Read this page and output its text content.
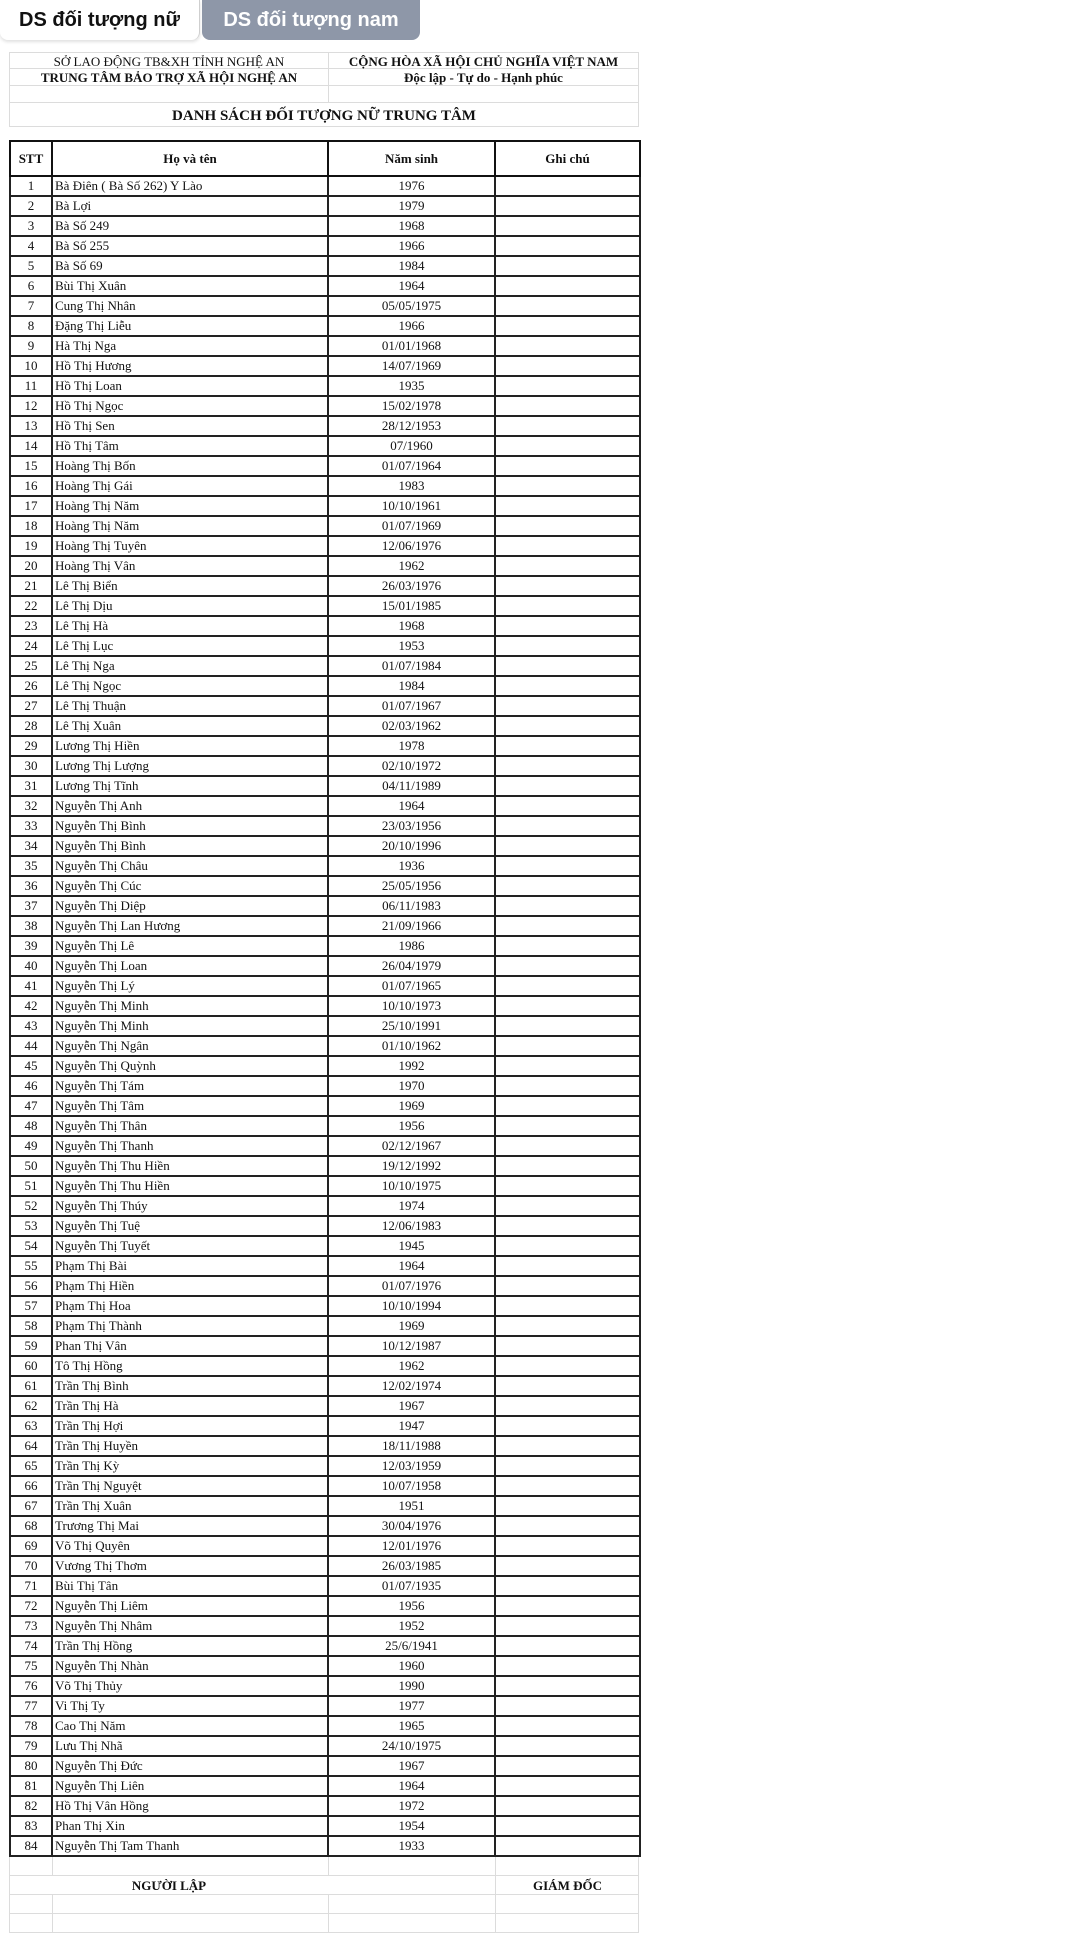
DS đối tượng nữ	DS đối tượng nam
SỞ LAO ĐỘNG TB&XH TỈNH NGHỆ AN	CỘNG HÒA XÃ HỘI CHỦ NGHĨA VIỆT NAM
TRUNG TÂM BẢO TRỢ XÃ HỘI NGHỆ AN	Độc lập - Tự do - Hạnh phúc
DANH SÁCH ĐỐI TƯỢNG NỮ TRUNG TÂM
STT	Họ và tên	Năm sinh	Ghi chú
1	Bà Điên ( Bà Số 262) Y Lào	1976	
2	Bà Lợi	1979	
3	Bà Số 249	1968	
4	Bà Số 255	1966	
5	Bà Số 69	1984	
6	Bùi Thị Xuân	1964	
7	Cung Thị Nhân	05/05/1975	
8	Đặng Thị Liễu	1966	
9	Hà Thị Nga	01/01/1968	
10	Hồ Thị Hương	14/07/1969	
11	Hồ Thị Loan	1935	
12	Hồ Thị Ngọc	15/02/1978	
13	Hồ Thị Sen	28/12/1953	
14	Hồ Thị Tâm	07/1960	
15	Hoàng Thị Bốn	01/07/1964	
16	Hoàng Thị Gái	1983	
17	Hoàng Thị Năm	10/10/1961	
18	Hoàng Thị Năm	01/07/1969	
19	Hoàng Thị Tuyên	12/06/1976	
20	Hoàng Thị Vân	1962	
21	Lê Thị Biển	26/03/1976	
22	Lê Thị Dịu	15/01/1985	
23	Lê Thị Hà	1968	
24	Lê Thị Lục	1953	
25	Lê Thị Nga	01/07/1984	
26	Lê Thị Ngọc	1984	
27	Lê Thị Thuận	01/07/1967	
28	Lê Thị Xuân	02/03/1962	
29	Lương Thị Hiền	1978	
30	Lương Thị Lượng	02/10/1972	
31	Lương Thị Tĩnh	04/11/1989	
32	Nguyễn Thị Anh	1964	
33	Nguyễn Thị Bình	23/03/1956	
34	Nguyễn Thị Bình	20/10/1996	
35	Nguyễn Thị Châu	1936	
36	Nguyễn Thị Cúc	25/05/1956	
37	Nguyễn Thị Diệp	06/11/1983	
38	Nguyễn Thị Lan Hương	21/09/1966	
39	Nguyễn Thị Lê	1986	
40	Nguyễn Thị Loan	26/04/1979	
41	Nguyễn Thị Lý	01/07/1965	
42	Nguyễn Thị Minh	10/10/1973	
43	Nguyễn Thị Minh	25/10/1991	
44	Nguyễn Thị Ngân	01/10/1962	
45	Nguyễn Thị Quỳnh	1992	
46	Nguyễn Thị Tám	1970	
47	Nguyễn Thị Tâm	1969	
48	Nguyễn Thị Thân	1956	
49	Nguyễn Thị Thanh	02/12/1967	
50	Nguyễn Thị Thu Hiền	19/12/1992	
51	Nguyễn Thị Thu Hiền	10/10/1975	
52	Nguyễn Thị Thúy	1974	
53	Nguyễn Thị Tuệ	12/06/1983	
54	Nguyễn Thị Tuyết	1945	
55	Phạm Thị Bài	1964	
56	Phạm Thị Hiền	01/07/1976	
57	Phạm Thị Hoa	10/10/1994	
58	Phạm Thị Thành	1969	
59	Phan Thị Vân	10/12/1987	
60	Tô Thị Hồng	1962	
61	Trần Thị Bình	12/02/1974	
62	Trần Thị Hà	1967	
63	Trần Thị Hợi	1947	
64	Trần Thị Huyền	18/11/1988	
65	Trần Thị Kỳ	12/03/1959	
66	Trần Thị Nguyệt	10/07/1958	
67	Trần Thị Xuân	1951	
68	Trương Thị Mai	30/04/1976	
69	Võ Thị Quyên	12/01/1976	
70	Vương Thị Thơm	26/03/1985	
71	Bùi Thị Tân	01/07/1935	
72	Nguyễn Thị Liêm	1956	
73	Nguyễn Thị Nhâm	1952	
74	Trần Thị Hồng	25/6/1941	
75	Nguyễn Thị Nhàn	1960	
76	Võ Thị Thủy	1990	
77	Vi Thị Ty	1977	
78	Cao Thị Năm	1965	
79	Lưu Thị Nhã	24/10/1975	
80	Nguyễn Thị Đức	1967	
81	Nguyễn Thị Liên	1964	
82	Hồ Thị Vân Hồng	1972	
83	Phan Thị Xin	1954	
84	Nguyễn Thị Tam Thanh	1933	
NGƯỜI LẬP	GIÁM ĐỐC
